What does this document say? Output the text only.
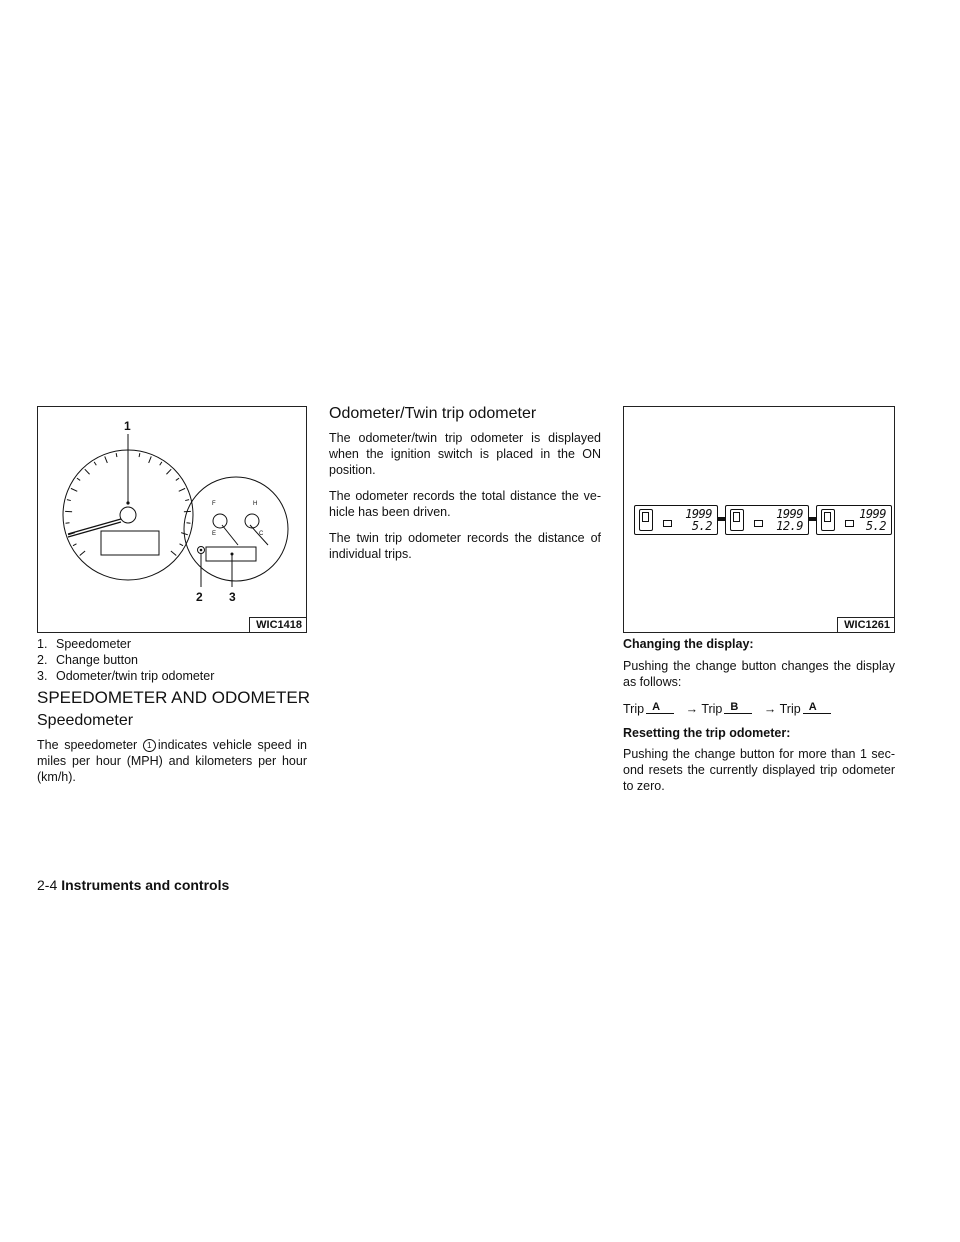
1
2 3
F
E
H
C
WIC1418
1. Speedometer
2. Change button
3. Odometer/twin trip odometer
SPEEDOMETER AND ODOMETER
Speedometer
The speedometer 1 indicates vehicle speed in miles per hour (MPH) and kilometers per hour (km/h).
Odometer/Twin trip odometer

The odometer/twin trip odometer is displayed when the ignition switch is placed in the ON position.

The odometer records the total distance the ve-hicle has been driven.

The twin trip odometer records the distance of individual trips.

1999
5.2
1999
12.9
1999
5.2
WIC1261
Changing the display:
Pushing the change button changes the display as follows:
Trip A → Trip B → Trip A
Resetting the trip odometer:
Pushing the change button for more than 1 sec-ond resets the currently displayed trip odometer to zero.
2-4 Instruments and controls
